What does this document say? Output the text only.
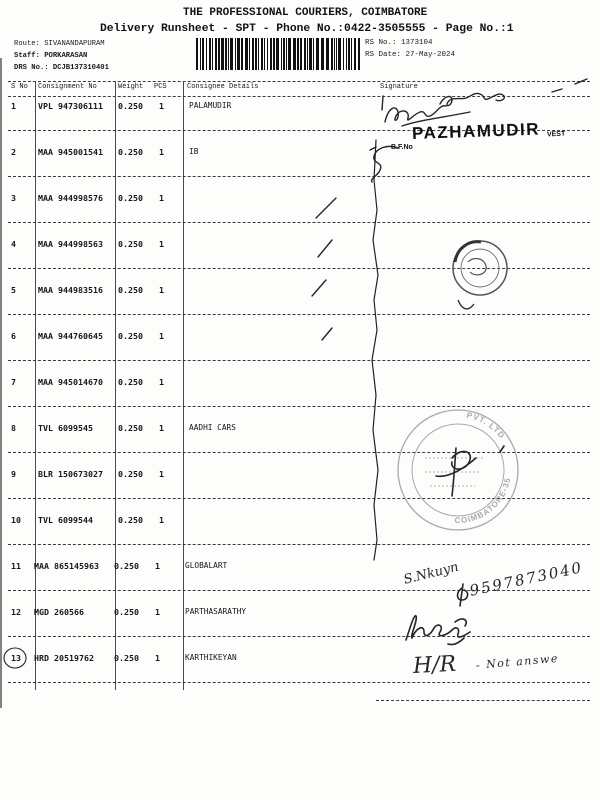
THE PROFESSIONAL COURIERS, COIMBATORE
Delivery Runsheet - SPT - Phone No.:0422-3505555 - Page No.:1
Route: SIVANANDAPURAM
Staff: PORKARASAN
DRS No.: DCJB137310401
RS No.: 1373104
RS Date: 27-May-2024
S No Consignment No	Weight PCS	Consignee Details	Signature
1	VPL 947306111 0.250 1	PALAMUDIR
2	MAA 945001541 0.250 1	IB
3	MAA 944998576 0.250 1
4	MAA 944998563 0.250 1
5	MAA 944983516 0.250 1
6	MAA 944760645 0.250 1
7	MAA 945014670 0.250 1
8	TVL 6099545	0.250 1	AADHI CARS
9	BLR 150673027 0.250 1
10 TVL 6099544	0.250 1
11 MAA 865145963 0.250 1	GLOBALART
12 MGD 260566	0.250 1	PARTHASARATHY
13 HRD 20519762 0.250 1	KARTHIKEYAN
PVT. LTD
COIMBATORE-35
PAZHAMUDIR
B.F.No
VEST
S.Nkuyn 9597873040
H/R - Not answe
